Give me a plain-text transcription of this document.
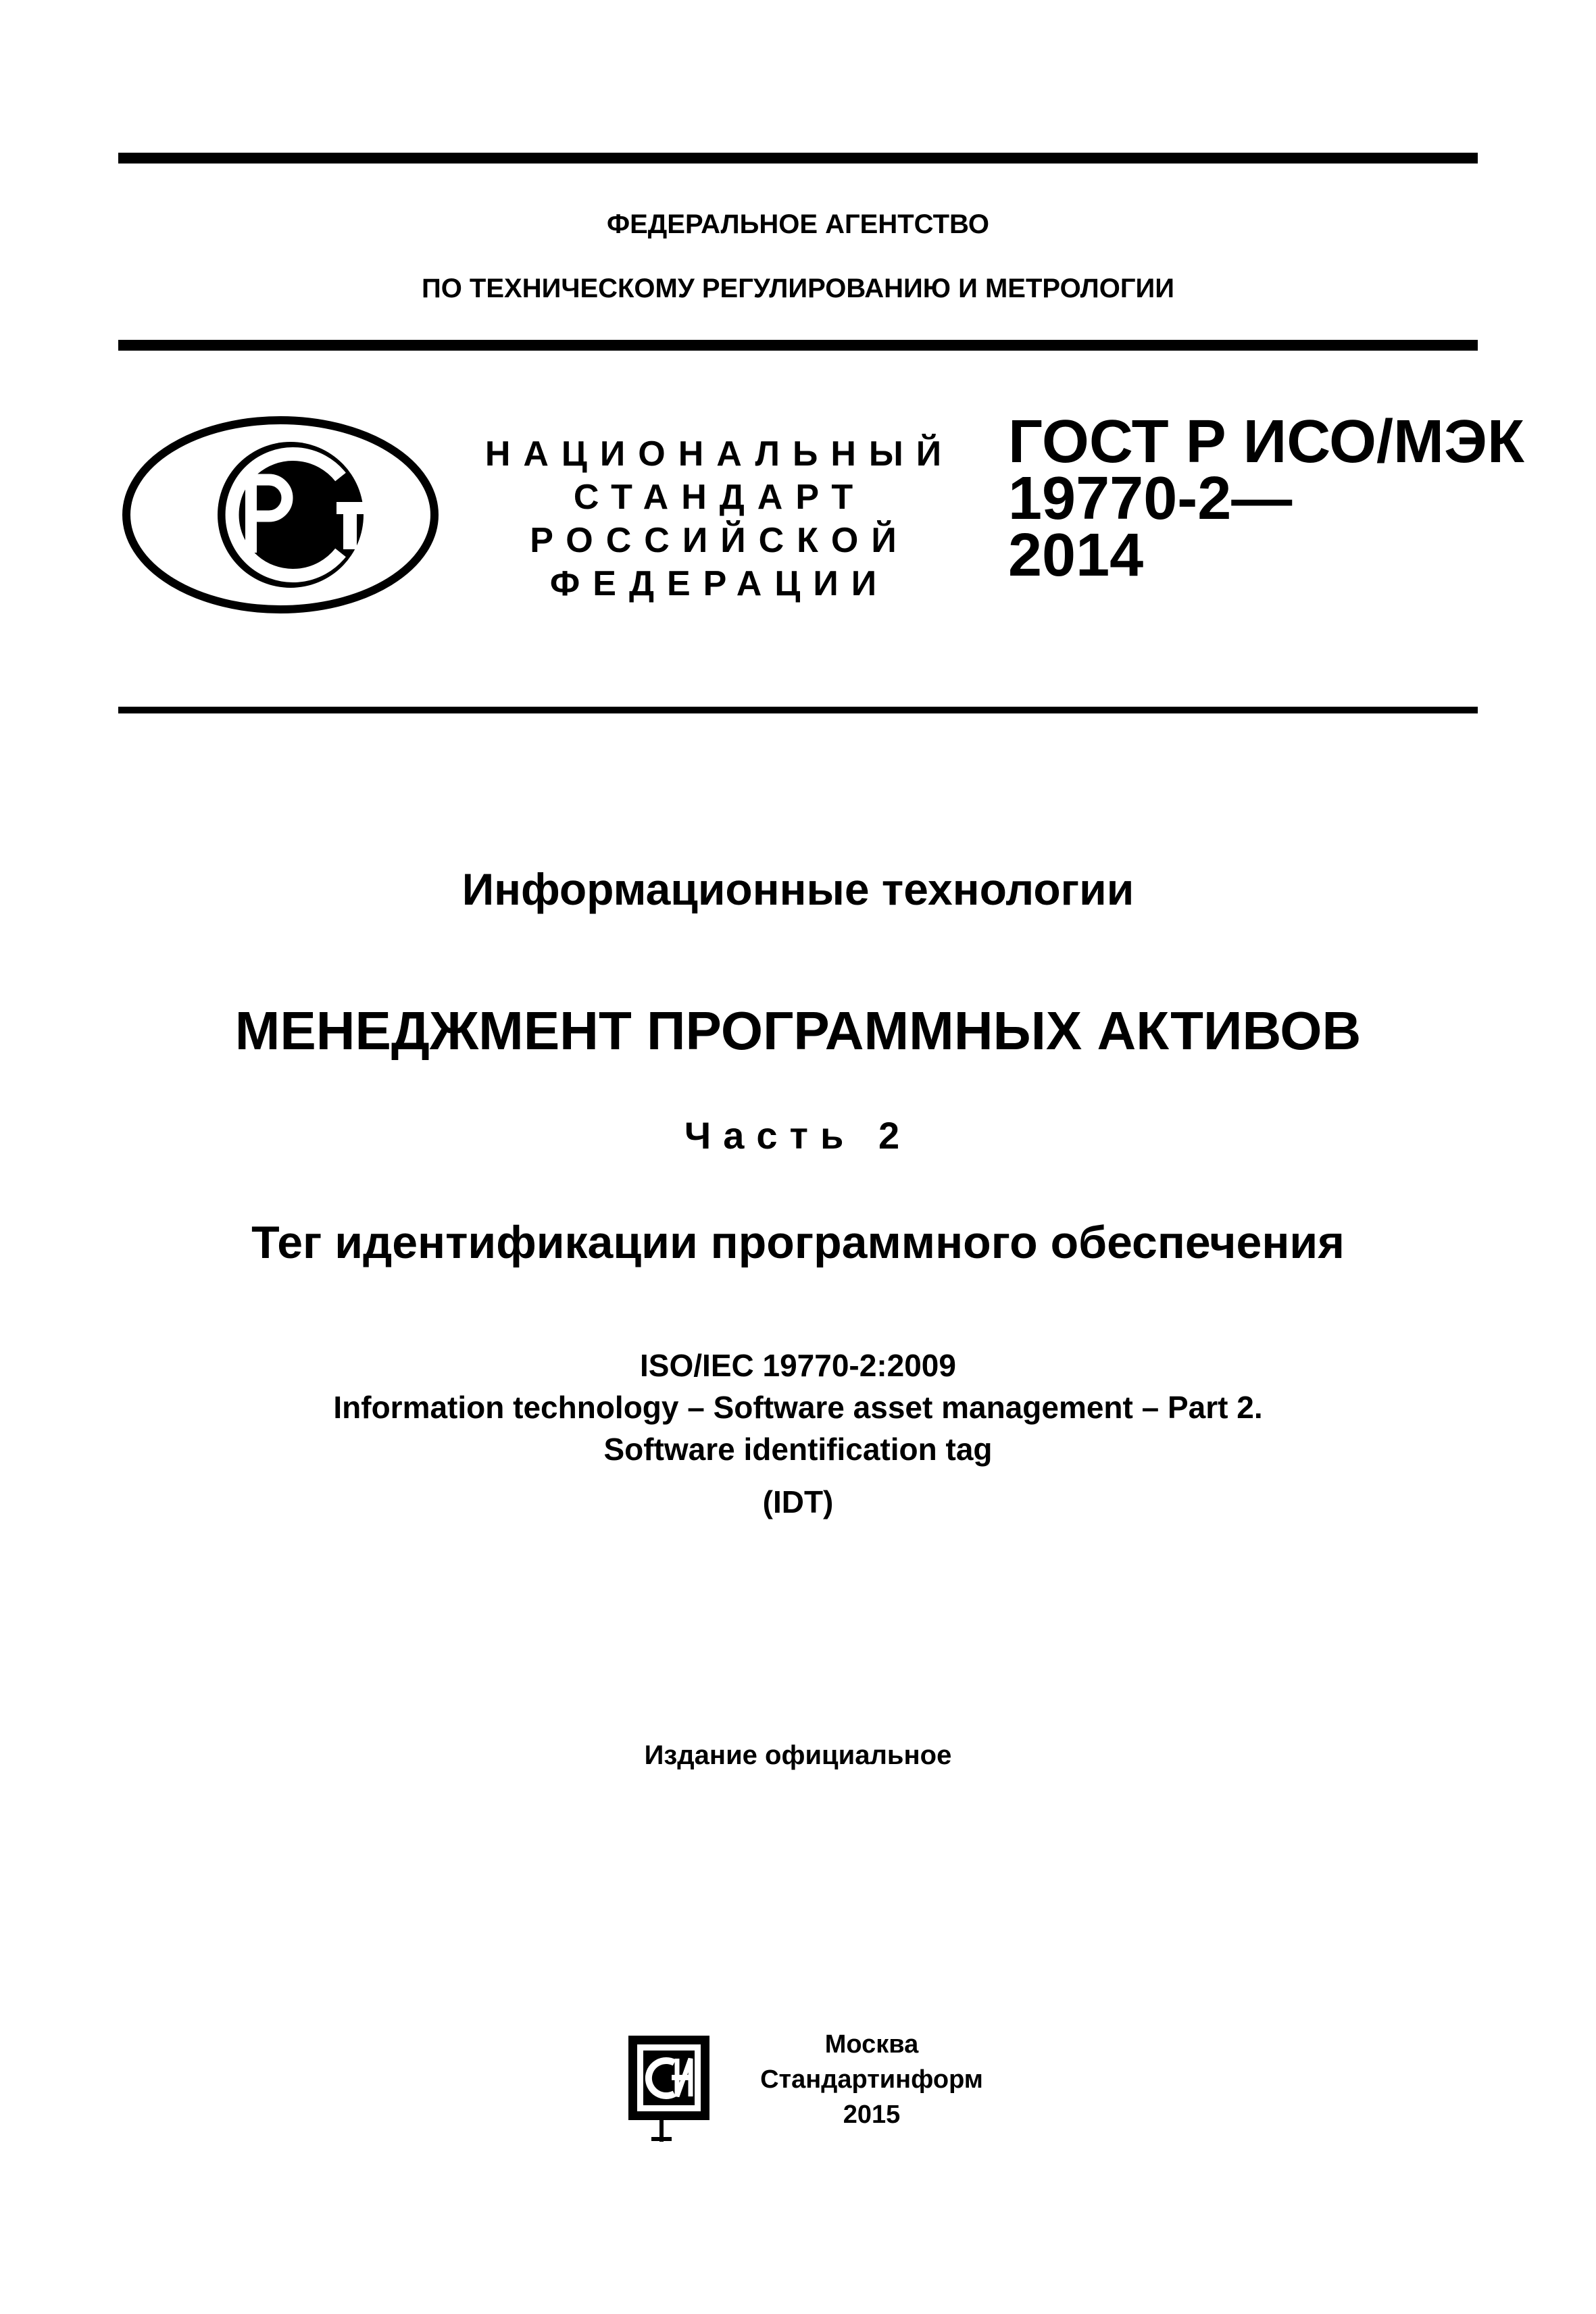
ФЕДЕРАЛЬНОЕ АГЕНТСТВО
ПО ТЕХНИЧЕСКОМУ РЕГУЛИРОВАНИЮ И МЕТРОЛОГИИ
НАЦИОНАЛЬНЫЙ
СТАНДАРТ
РОССИЙСКОЙ
ФЕДЕРАЦИИ
ГОСТ Р ИСО/МЭК
19770-2—
2014
Информационные технологии
МЕНЕДЖМЕНТ ПРОГРАММНЫХ АКТИВОВ
Часть 2
Тег идентификации программного обеспечения
ISO/IEC 19770-2:2009
Information technology – Software asset management – Part 2.
Software identification tag
(IDT)
Издание официальное
Москва
Стандартинформ
2015
